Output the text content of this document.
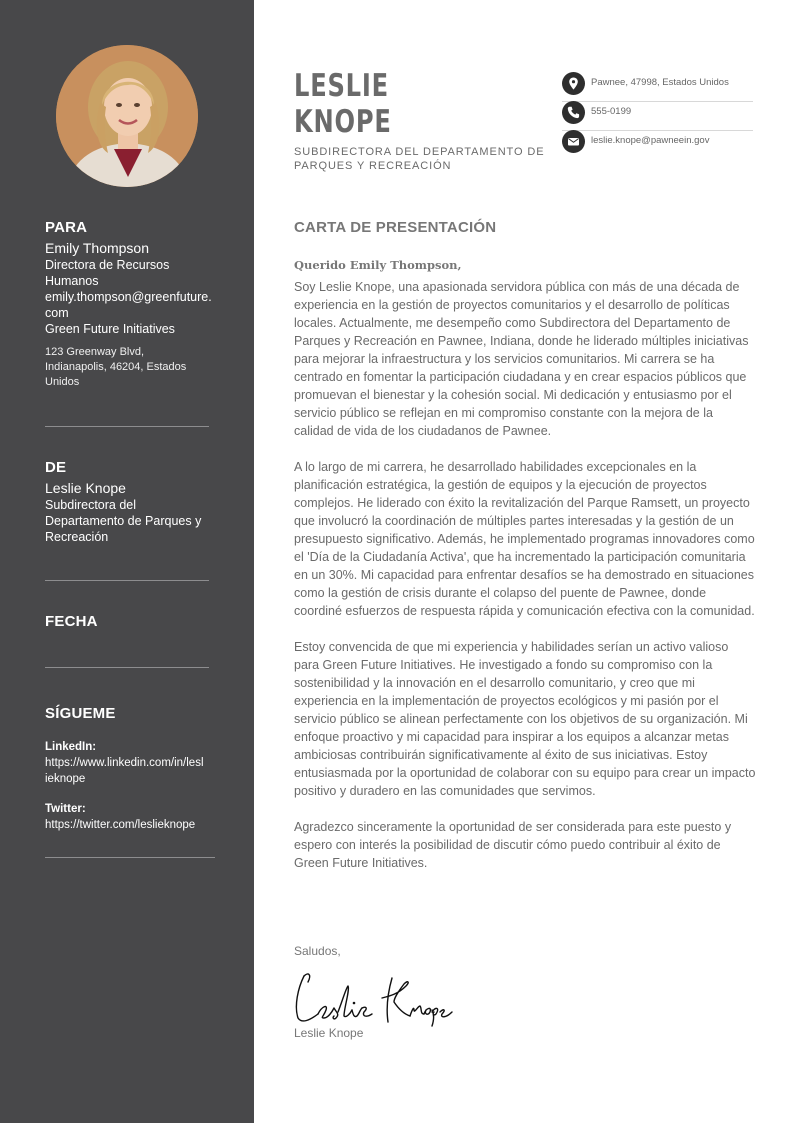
PARA
Emily Thompson
Directora de Recursos Humanos
emily.thompson@greenfuture.com
Green Future Initiatives
123 Greenway Blvd, Indianapolis, 46204, Estados Unidos
DE
Leslie Knope
Subdirectora del Departamento de Parques y Recreación
FECHA
SÍGUEME
LinkedIn:
https://www.linkedin.com/in/leslieknope
Twitter:
https://twitter.com/leslieknope
LESLIE
KNOPE
SUBDIRECTORA DEL DEPARTAMENTO DE PARQUES Y RECREACIÓN
Pawnee, 47998, Estados Unidos
555-0199
leslie.knope@pawneein.gov
CARTA DE PRESENTACIÓN
Querido Emily Thompson,

Soy Leslie Knope, una apasionada servidora pública con más de una década de experiencia en la gestión de proyectos comunitarios y el desarrollo de políticas locales. Actualmente, me desempeño como Subdirectora del Departamento de Parques y Recreación en Pawnee, Indiana, donde he liderado múltiples iniciativas para mejorar la infraestructura y los servicios comunitarios. Mi carrera se ha centrado en fomentar la participación ciudadana y en crear espacios públicos que promuevan el bienestar y la cohesión social. Mi dedicación y entusiasmo por el servicio público se reflejan en mi compromiso constante con la mejora de la calidad de vida de los ciudadanos de Pawnee.

A lo largo de mi carrera, he desarrollado habilidades excepcionales en la planificación estratégica, la gestión de equipos y la ejecución de proyectos complejos. He liderado con éxito la revitalización del Parque Ramsett, un proyecto que involucró la coordinación de múltiples partes interesadas y la gestión de un presupuesto significativo. Además, he implementado programas innovadores como el 'Día de la Ciudadanía Activa', que ha incrementado la participación comunitaria en un 30%. Mi capacidad para enfrentar desafíos se ha demostrado en situaciones como la gestión de crisis durante el colapso del puente de Pawnee, donde coordiné esfuerzos de respuesta rápida y comunicación efectiva con la comunidad.

Estoy convencida de que mi experiencia y habilidades serían un activo valioso para Green Future Initiatives. He investigado a fondo su compromiso con la sostenibilidad y la innovación en el desarrollo comunitario, y creo que mi experiencia en la implementación de proyectos ecológicos y mi pasión por el servicio público se alinean perfectamente con los objetivos de su organización. Mi enfoque proactivo y mi capacidad para inspirar a los equipos a alcanzar metas ambiciosas contribuirán significativamente al éxito de sus iniciativas. Estoy entusiasmada por la oportunidad de colaborar con su equipo para crear un impacto positivo y duradero en las comunidades que servimos.

Agradezco sinceramente la oportunidad de ser considerada para este puesto y espero con interés la posibilidad de discutir cómo puedo contribuir al éxito de Green Future Initiatives.

Saludos,
Leslie Knope
